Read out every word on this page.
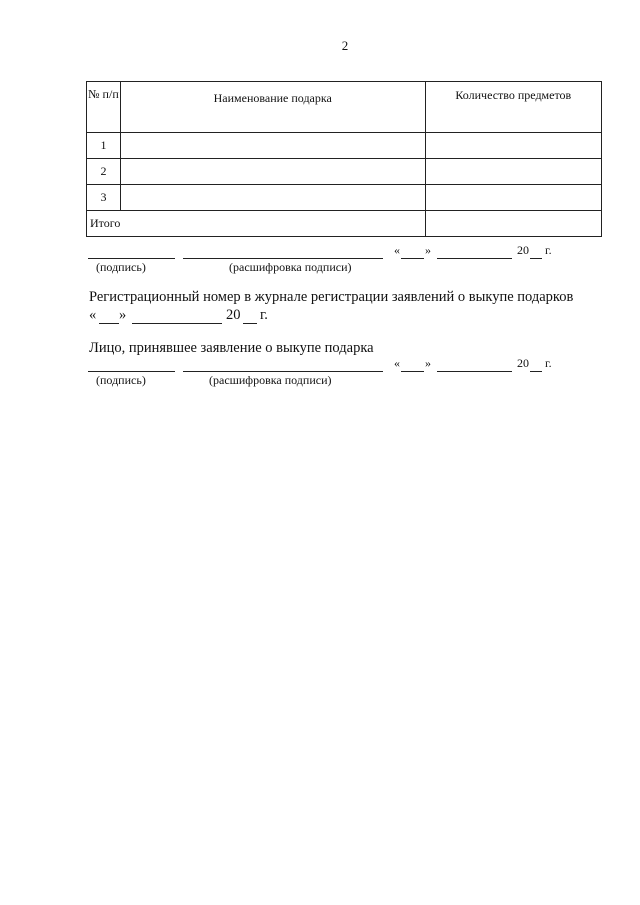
2
№ п/п	Наименование подарка	Количество предметов
1		
2		
3		
Итого		
« »	20 г.
(подпись)	(расшифровка подписи)
Регистрационный номер в журнале регистрации заявлений о выкупе подарков
« »	20 г.
Лицо, принявшее заявление о выкупе подарка
« »	20 г.
(подпись)	(расшифровка подписи)
